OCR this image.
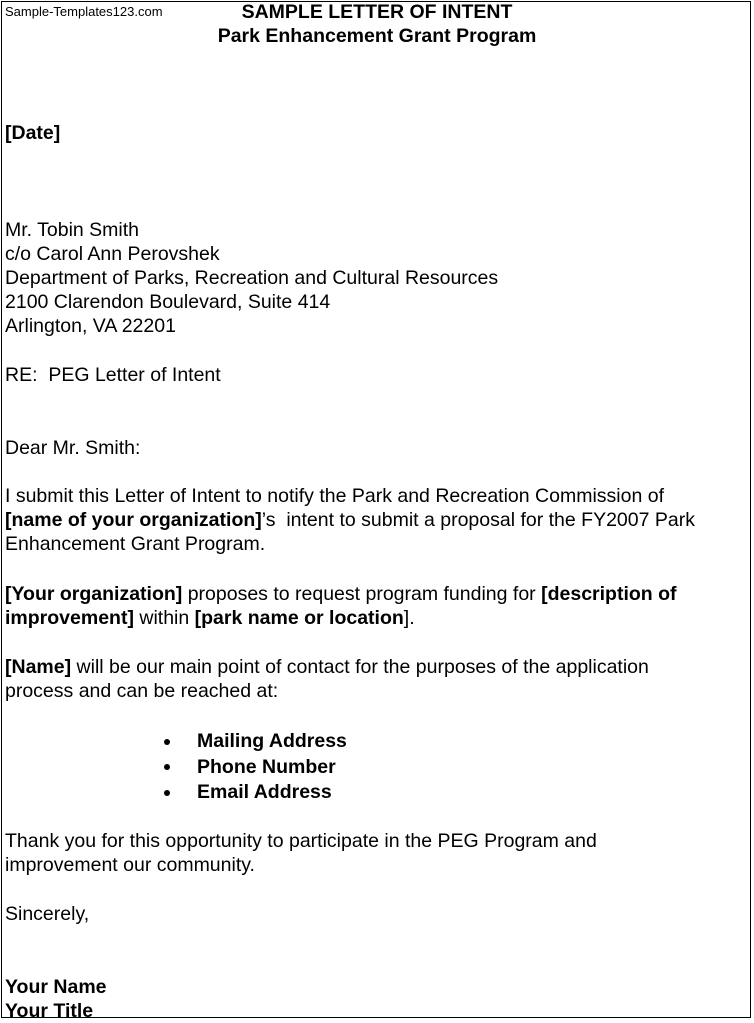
Sample-Templates123.com	SAMPLE LETTER OF INTENT
Park Enhancement Grant Program
[Date]
Mr. Tobin Smith
c/o Carol Ann Perovshek
Department of Parks, Recreation and Cultural Resources
2100 Clarendon Boulevard, Suite 414
Arlington, VA 22201
RE:  PEG Letter of Intent
Dear Mr. Smith:
I submit this Letter of Intent to notify the Park and Recreation Commission of
[name of your organization]’s  intent to submit a proposal for the FY2007 Park
Enhancement Grant Program.
[Your organization] proposes to request program funding for [description of
improvement] within [park name or location].
[Name] will be our main point of contact for the purposes of the application
process and can be reached at:
Mailing Address
Phone Number
Email Address
Thank you for this opportunity to participate in the PEG Program and
improvement our community.
Sincerely,
Your Name
Your Title
